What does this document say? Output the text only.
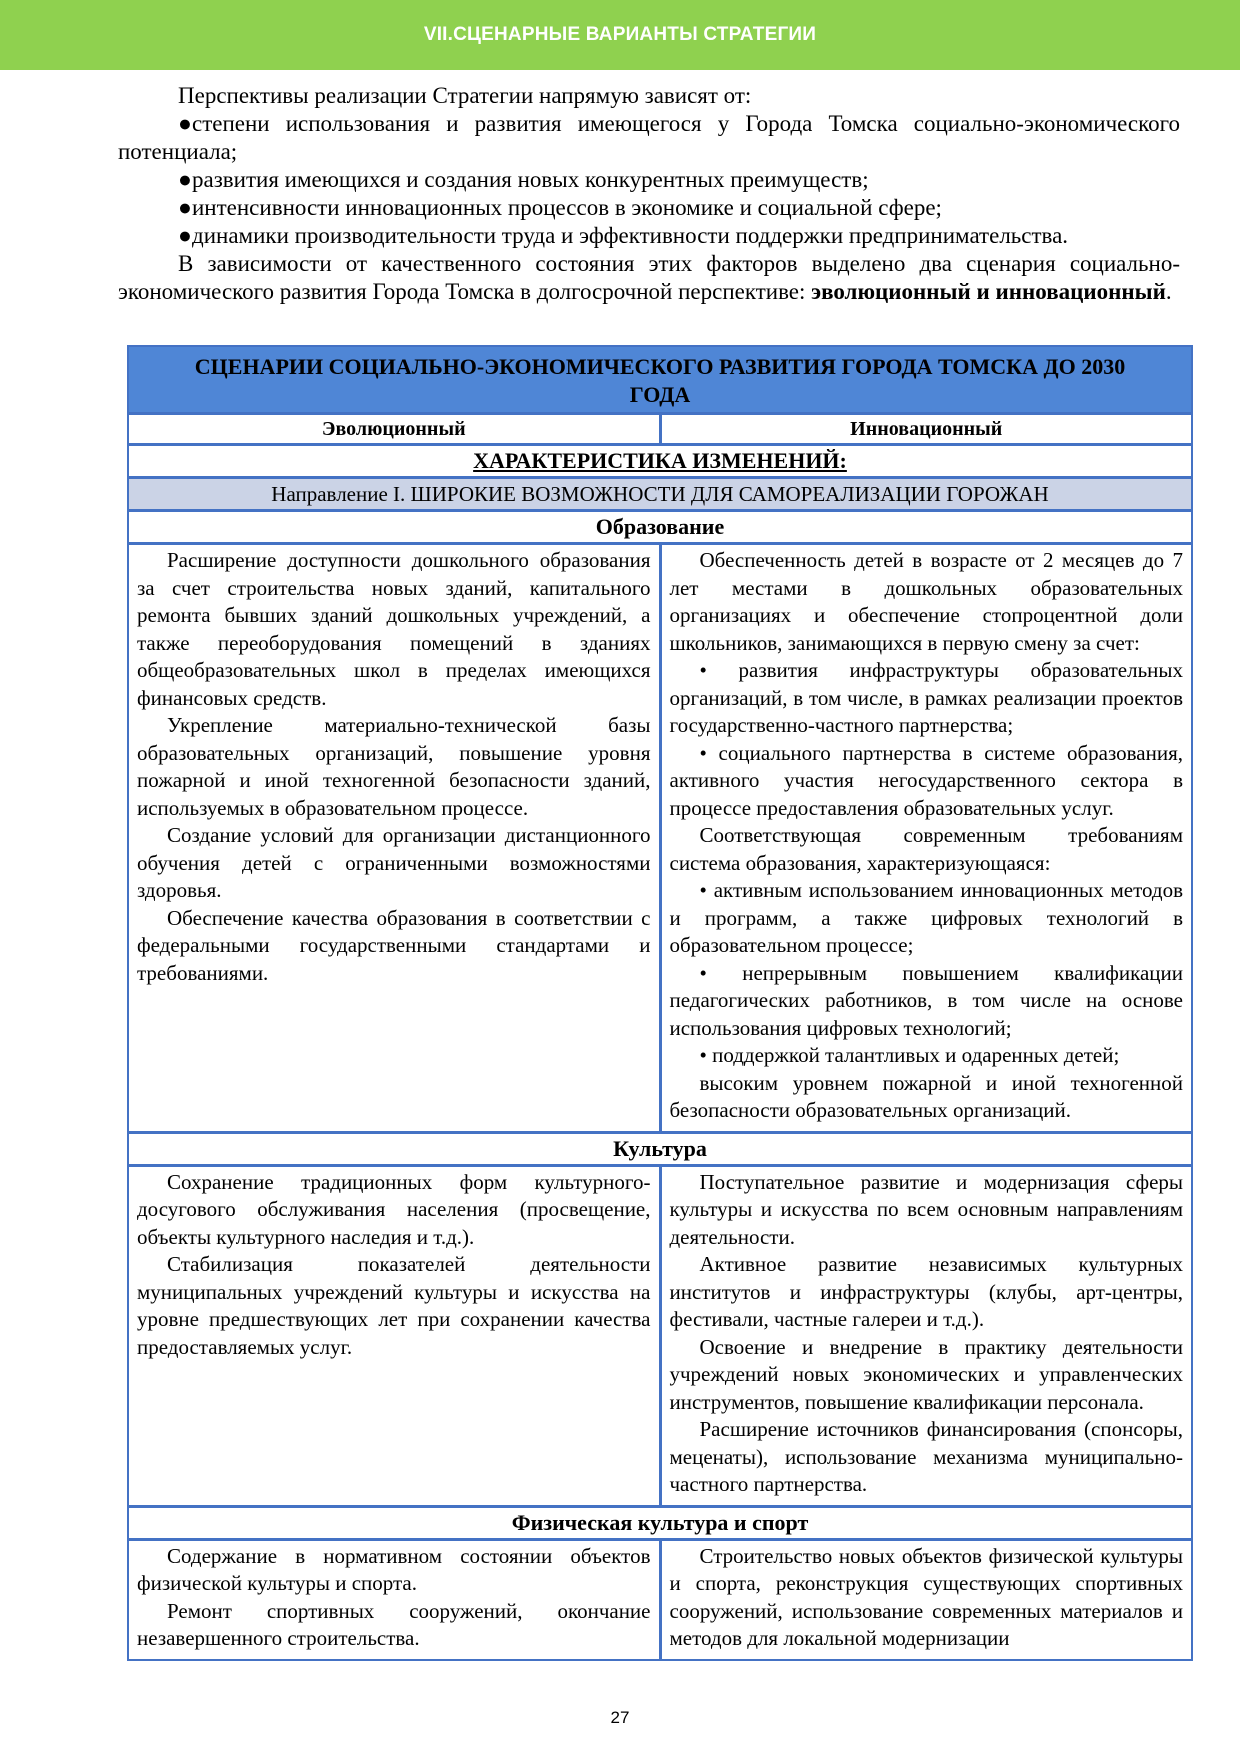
VII.СЦЕНАРНЫЕ ВАРИАНТЫ СТРАТЕГИИ

Перспективы реализации Стратегии напрямую зависят от:

●степени использования и развития имеющегося у Города Томска социально-экономического потенциала;

●развития имеющихся и создания новых конкурентных преимуществ;

●интенсивности инновационных процессов в экономике и социальной сфере;

●динамики производительности труда и эффективности поддержки предпринимательства.

В зависимости от качественного состояния этих факторов выделено два сценария социально-экономического развития Города Томска в долгосрочной перспективе: эволюционный и инновационный.

СЦЕНАРИИ СОЦИАЛЬНО-ЭКОНОМИЧЕСКОГО РАЗВИТИЯ ГОРОДА ТОМСКА ДО 2030 ГОДА
Эволюционный	Инновационный
ХАРАКТЕРИСТИКА ИЗМЕНЕНИЙ:
Направление I. ШИРОКИЕ ВОЗМОЖНОСТИ ДЛЯ САМОРЕАЛИЗАЦИИ ГОРОЖАН
Образование

Расширение доступности дошкольного образования за счет строительства новых зданий, капитального ремонта бывших зданий дошкольных учреждений, а также переоборудования помещений в зданиях общеобразовательных школ в пределах имеющихся финансовых средств.

Укрепление материально-технической базы образовательных организаций, повышение уровня пожарной и иной техногенной безопасности зданий, используемых в образовательном процессе.

Создание условий для организации дистанционного обучения детей с ограниченными возможностями здоровья.

Обеспечение качества образования в соответствии с федеральными государственными стандартами и требованиями.

Обеспеченность детей в возрасте от 2 месяцев до 7 лет местами в дошкольных образовательных организациях и обеспечение стопроцентной доли школьников, занимающихся в первую смену за счет:

• развития инфраструктуры образовательных организаций, в том числе, в рамках реализации проектов государственно-частного партнерства;

• социального партнерства в системе образования, активного участия негосударственного сектора в процессе предоставления образовательных услуг.

Соответствующая современным требованиям система образования, характеризующаяся:

• активным использованием инновационных методов и программ, а также цифровых технологий в образовательном процессе;

• непрерывным повышением квалификации педагогических работников, в том числе на основе использования цифровых технологий;

• поддержкой талантливых и одаренных детей;

высоким уровнем пожарной и иной техногенной безопасности образовательных организаций.

Культура

Сохранение традиционных форм культурного-досугового обслуживания населения (просвещение, объекты культурного наследия и т.д.).

Стабилизация показателей деятельности муниципальных учреждений культуры и искусства на уровне предшествующих лет при сохранении качества предоставляемых услуг.

Поступательное развитие и модернизация сферы культуры и искусства по всем основным направлениям деятельности.

Активное развитие независимых культурных институтов и инфраструктуры (клубы, арт-центры, фестивали, частные галереи и т.д.).

Освоение и внедрение в практику деятельности учреждений новых экономических и управленческих инструментов, повышение квалификации персонала.

Расширение источников финансирования (спонсоры, меценаты), использование механизма муниципально-частного партнерства.

Физическая культура и спорт

Содержание в нормативном состоянии объектов физической культуры и спорта.

Ремонт спортивных сооружений, окончание незавершенного строительства.

Строительство новых объектов физической культуры и спорта, реконструкция существующих спортивных сооружений, использование современных материалов и методов для локальной модернизации

27
